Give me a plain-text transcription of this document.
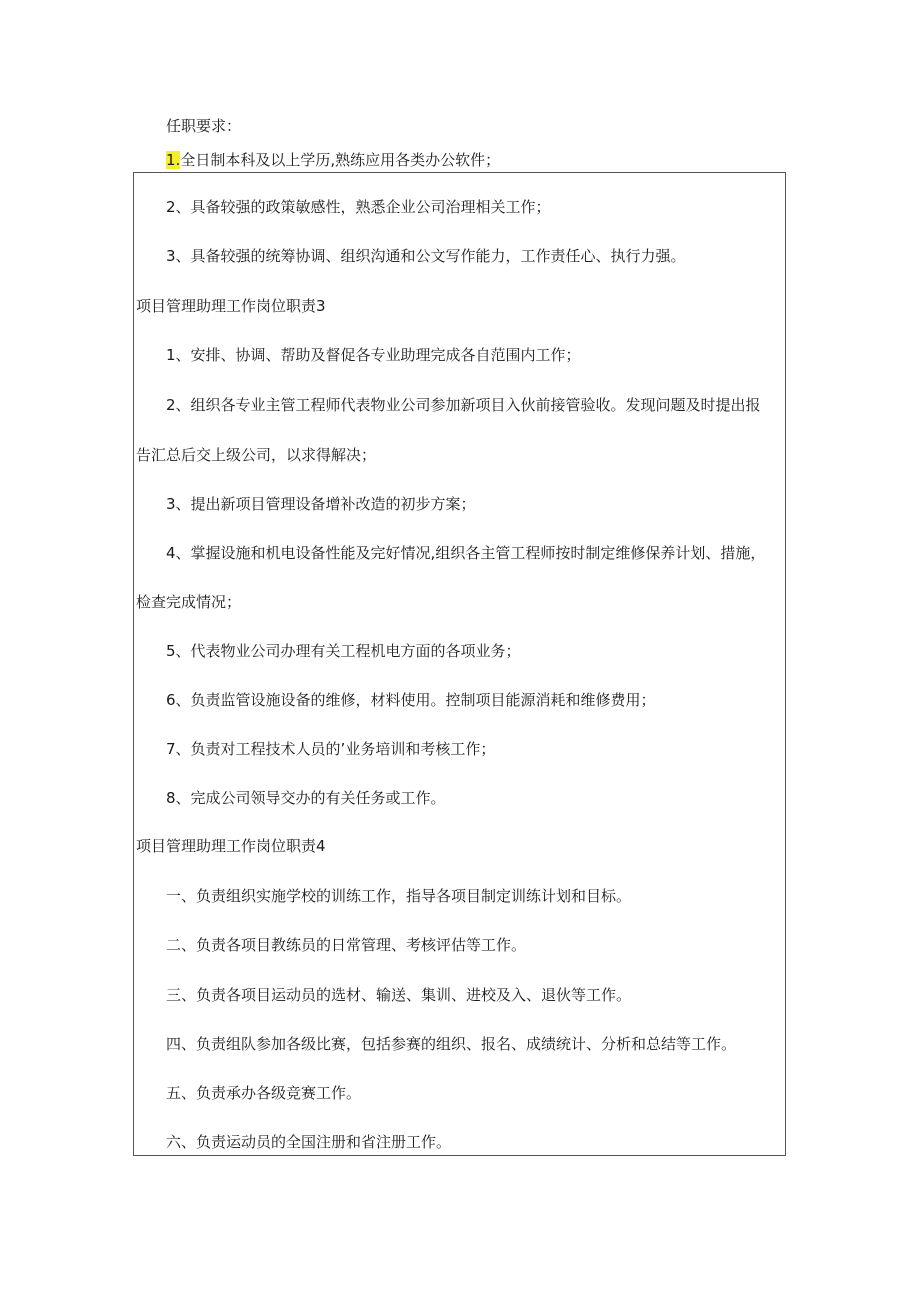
任职要求：

1.全日制本科及以上学历,熟练应用各类办公软件；

2、具备较强的政策敏感性，熟悉企业公司治理相关工作；

3、具备较强的统筹协调、组织沟通和公文写作能力，工作责任心、执行力强。

项目管理助理工作岗位职责3

1、安排、协调、帮助及督促各专业助理完成各自范围内工作；

2、组织各专业主管工程师代表物业公司参加新项目入伙前接管验收。发现问题及时提出报

告汇总后交上级公司，以求得解决；

3、提出新项目管理设备增补改造的初步方案；

4、掌握设施和机电设备性能及完好情况,组织各主管工程师按时制定维修保养计划、措施，

检查完成情况；

5、代表物业公司办理有关工程机电方面的各项业务；

6、负责监管设施设备的维修，材料使用。控制项目能源消耗和维修费用；

7、负责对工程技术人员的’业务培训和考核工作；

8、完成公司领导交办的有关任务或工作。

项目管理助理工作岗位职责4

一、负责组织实施学校的训练工作，指导各项目制定训练计划和目标。

二、负责各项目教练员的日常管理、考核评估等工作。

三、负责各项目运动员的选材、输送、集训、进校及入、退伙等工作。

四、负责组队参加各级比赛，包括参赛的组织、报名、成绩统计、分析和总结等工作。

五、负责承办各级竞赛工作。

六、负责运动员的全国注册和省注册工作。
